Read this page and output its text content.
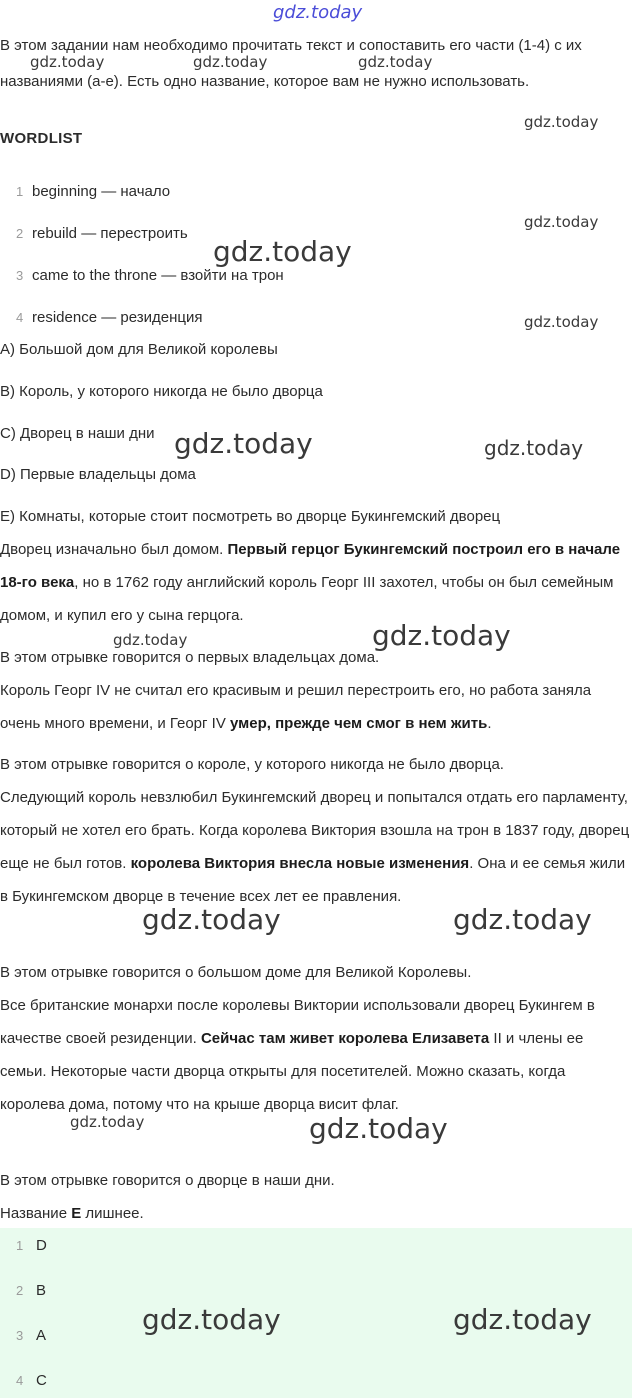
gdz.today

В этом задании нам необходимо прочитать текст и сопоставить его части (1-4) с их названиями (a-e). Есть одно название, которое вам не нужно использовать.

gdz.today	gdz.today	gdz.today
gdz.today
WORDLIST
1 beginning — начало
2 rebuild — перестроить
3 came to the throne — взойти на трон
4 residence — резиденция
gdz.today
gdz.today
gdz.today
A) Большой дом для Великой королевы
B) Король, у которого никогда не было дворца
C) Дворец в наши дни
D) Первые владельцы дома
E) Комнаты, которые стоит посмотреть во дворце Букингемский дворец
gdz.today	gdz.today

Дворец изначально был домом. Первый герцог Букингемский построил его в начале 18-го века, но в 1762 году английский король Георг III захотел, чтобы он был семейным домом, и купил его у сына герцога.

gdz.today	gdz.today

В этом отрывке говорится о первых владельцах дома.

Король Георг IV не считал его красивым и решил перестроить его, но работа заняла очень много времени, и Георг IV умер, прежде чем смог в нем жить.

В этом отрывке говорится о короле, у которого никогда не было дворца.

Следующий король невзлюбил Букингемский дворец и попытался отдать его парламенту, который не хотел его брать. Когда королева Виктория взошла на трон в 1837 году, дворец еще не был готов. королева Виктория внесла новые изменения. Она и ее семья жили в Букингемском дворце в течение всех лет ее правления.

gdz.today	gdz.today

В этом отрывке говорится о большом доме для Великой Королевы.

Все британские монархи после королевы Виктории использовали дворец Букингем в качестве своей резиденции. Сейчас там живет королева Елизавета II и члены ее семьи. Некоторые части дворца открыты для посетителей. Можно сказать, когда королева дома, потому что на крыше дворца висит флаг.

gdz.today	gdz.today

В этом отрывке говорится о дворце в наши дни.

Название E лишнее.

1 D
2 B
3 A
4 C
gdz.today	gdz.today
